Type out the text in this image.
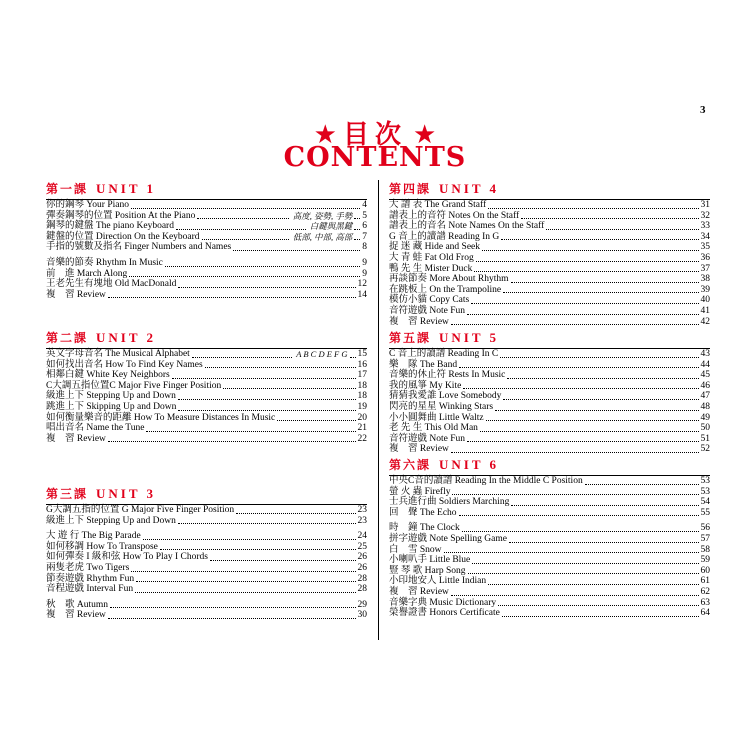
3
★ 目次 ★
CONTENTS
第一課 UNIT 1
你的鋼琴 Your Piano	4
彈奏鋼琴的位置 Position At the Piano	高度, 姿勢, 手勢 5
鋼琴的鍵盤 The piano Keyboard	白鍵與黑鍵 6
鍵盤的位置 Direction On the Keyboard	低部, 中部, 高部 7
手指的號數及指名 Finger Numbers and Names	8
音樂的節奏 Rhythm In Music	9
前　進 March Along	9
王老先生有塊地 Old MacDonald	12
複　習 Review	14
第二課 UNIT 2
英文字母音名 The Musical Alphabet	A B C D E F G 15
如何找出音名 How To Find Key Names	16
相鄰白鍵 White Key Neighbors	17
C大調五指位置C Major Five Finger Position	18
級進上下 Stepping Up and Down	18
跳進上下 Skipping Up and Down	19
如何衡量樂音的距離 How To Measure Distances In Music	20
唱出音名 Name the Tune	21
複　習 Review	22
第三課 UNIT 3
G大調五指的位置 G Major Five Finger Position	23
級進上下 Stepping Up and Down	23
大 遊 行 The Big Parade	24
如何移調 How To Transpose	25
如何彈奏 I 級和弦 How To Play I Chords	26
兩隻老虎 Two Tigers	26
節奏遊戲 Rhythm Fun	28
音程遊戲 Interval Fun	28
秋　歌 Autumn	29
複　習 Review	30
第四課 UNIT 4
大 譜 表 The Grand Staff	31
譜表上的音符 Notes On the Staff	32
譜表上的音名 Note Names On the Staff	33
G 音上的讀譜 Reading In G	34
捉 迷 藏 Hide and Seek	35
大 青 蛙 Fat Old Frog	36
鴨 先 生 Mister Duck	37
再談節奏 More About Rhythm	38
在跳板上 On the Trampoline	39
模仿小貓 Copy Cats	40
音符遊戲 Note Fun	41
複　習 Review	42
第五課 UNIT 5
C 音上的讀譜 Reading In C	43
樂　隊 The Band	44
音樂的休止符 Rests In Music	45
我的風箏 My Kite	46
猜猜我愛誰 Love Somebody	47
閃亮的星星 Winking Stars	48
小小圓舞曲 Little Waltz	49
老 先 生 This Old Man	50
音符遊戲 Note Fun	51
複　習 Review	52
第六課 UNIT 6
中央C音的讀譜 Reading In the Middle C Position	53
螢 火 蟲 Firefly	53
士兵進行曲 Soldiers Marching	54
回　聲 The Echo	55
時　鐘 The Clock	56
拼字遊戲 Note Spelling Game	57
白　雪 Snow	58
小喇叭手 Little Blue	59
豎 琴 歌 Harp Song	60
小印地安人 Little Indian	61
複　習 Review	62
音樂字典 Music Dictionary	63
榮譽證書 Honors Certificate	64
